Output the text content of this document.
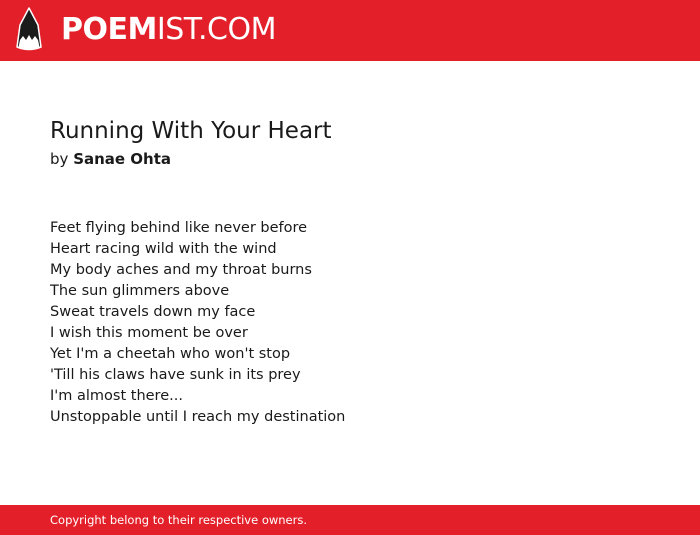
POEMIST.COM
Running With Your Heart
by Sanae Ohta
Feet flying behind like never before
Heart racing wild with the wind
My body aches and my throat burns
The sun glimmers above
Sweat travels down my face
I wish this moment be over
Yet I'm a cheetah who won't stop
'Till his claws have sunk in its prey
I'm almost there...
Unstoppable until I reach my destination
Copyright belong to their respective owners.
